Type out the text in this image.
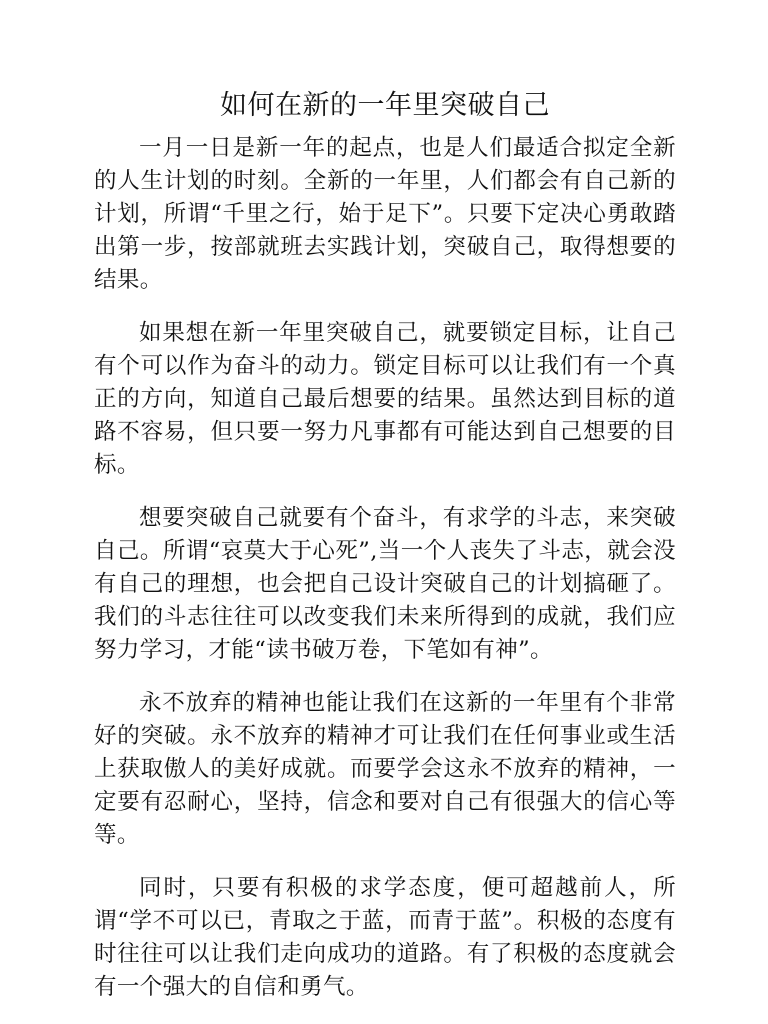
如何在新的一年里突破自己

一月一日是新一年的起点，也是人们最适合拟定全新的人生计划的时刻。全新的一年里，人们都会有自己新的计划，所谓“千里之行，始于足下”。只要下定决心勇敢踏出第一步，按部就班去实践计划，突破自己，取得想要的结果。

如果想在新一年里突破自己，就要锁定目标，让自己有个可以作为奋斗的动力。锁定目标可以让我们有一个真正的方向，知道自己最后想要的结果。虽然达到目标的道路不容易，但只要一努力凡事都有可能达到自己想要的目标。

想要突破自己就要有个奋斗，有求学的斗志，来突破自己。所谓“哀莫大于心死”,当一个人丧失了斗志，就会没有自己的理想，也会把自己设计突破自己的计划搞砸了。我们的斗志往往可以改变我们未来所得到的成就，我们应努力学习，才能“读书破万卷，下笔如有神”。

永不放弃的精神也能让我们在这新的一年里有个非常好的突破。永不放弃的精神才可让我们在任何事业或生活上获取傲人的美好成就。而要学会这永不放弃的精神，一定要有忍耐心，坚持，信念和要对自己有很强大的信心等等。

同时，只要有积极的求学态度，便可超越前人，所谓“学不可以已，青取之于蓝，而青于蓝”。积极的态度有时往往可以让我们走向成功的道路。有了积极的态度就会有一个强大的自信和勇气。
